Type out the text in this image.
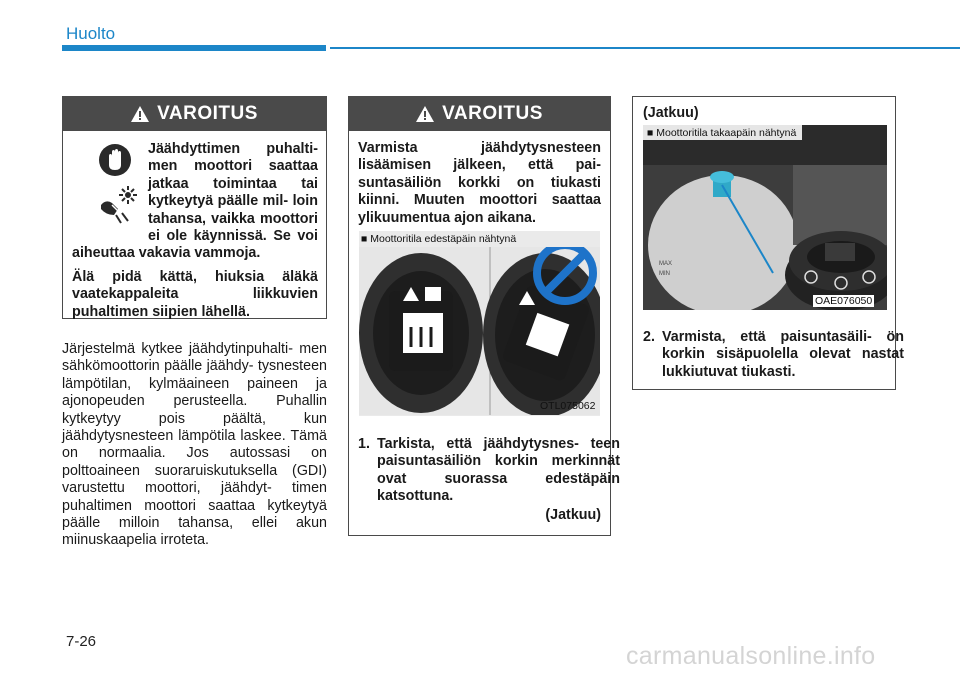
Huolto
VAROITUS

Jäähdyttimen puhalti- men moottori saattaa jatkaa toimintaa tai kytkeytyä päälle mil- loin tahansa, vaikka moottori ei ole käynnissä. Se voi aiheuttaa vakavia vammoja.

Älä pidä kättä, hiuksia äläkä vaatekappaleita liikkuvien puhaltimen siipien lähellä.

Järjestelmä kytkee jäähdytinpuhalti- men sähkömoottorin päälle jäähdy- tysnesteen lämpötilan, kylmäaineen paineen ja ajonopeuden perusteella. Puhallin kytkeytyy pois päältä, kun jäähdytysnesteen lämpötila laskee. Tämä on normaalia. Jos autossasi on polttoaineen suoraruiskutuksella (GDI) varustettu moottori, jäähdyt- timen puhaltimen moottori saattaa kytkeytyä päälle milloin tahansa, ellei akun miinuskaapelia irroteta.

VAROITUS

Varmista jäähdytysnesteen lisäämisen jälkeen, että pai- suntasäiliön korkki on tiukasti kiinni. Muuten moottori saattaa ylikuumentua ajon aikana.

■ Moottoritila edestäpäin nähtynä
OTL075062
1. Tarkista, että jäähdytysnes- teen paisuntasäiliön korkin merkinnät ovat suorassa edestäpäin katsottuna.
(Jatkuu)
(Jatkuu)
MAX
MIN
■ Moottoritila takaapäin nähtynä
OAE076050
2. Varmista, että paisuntasäili- ön korkin sisäpuolella olevat nastat lukkiutuvat tiukasti.
7-26
carmanualsonline.info
